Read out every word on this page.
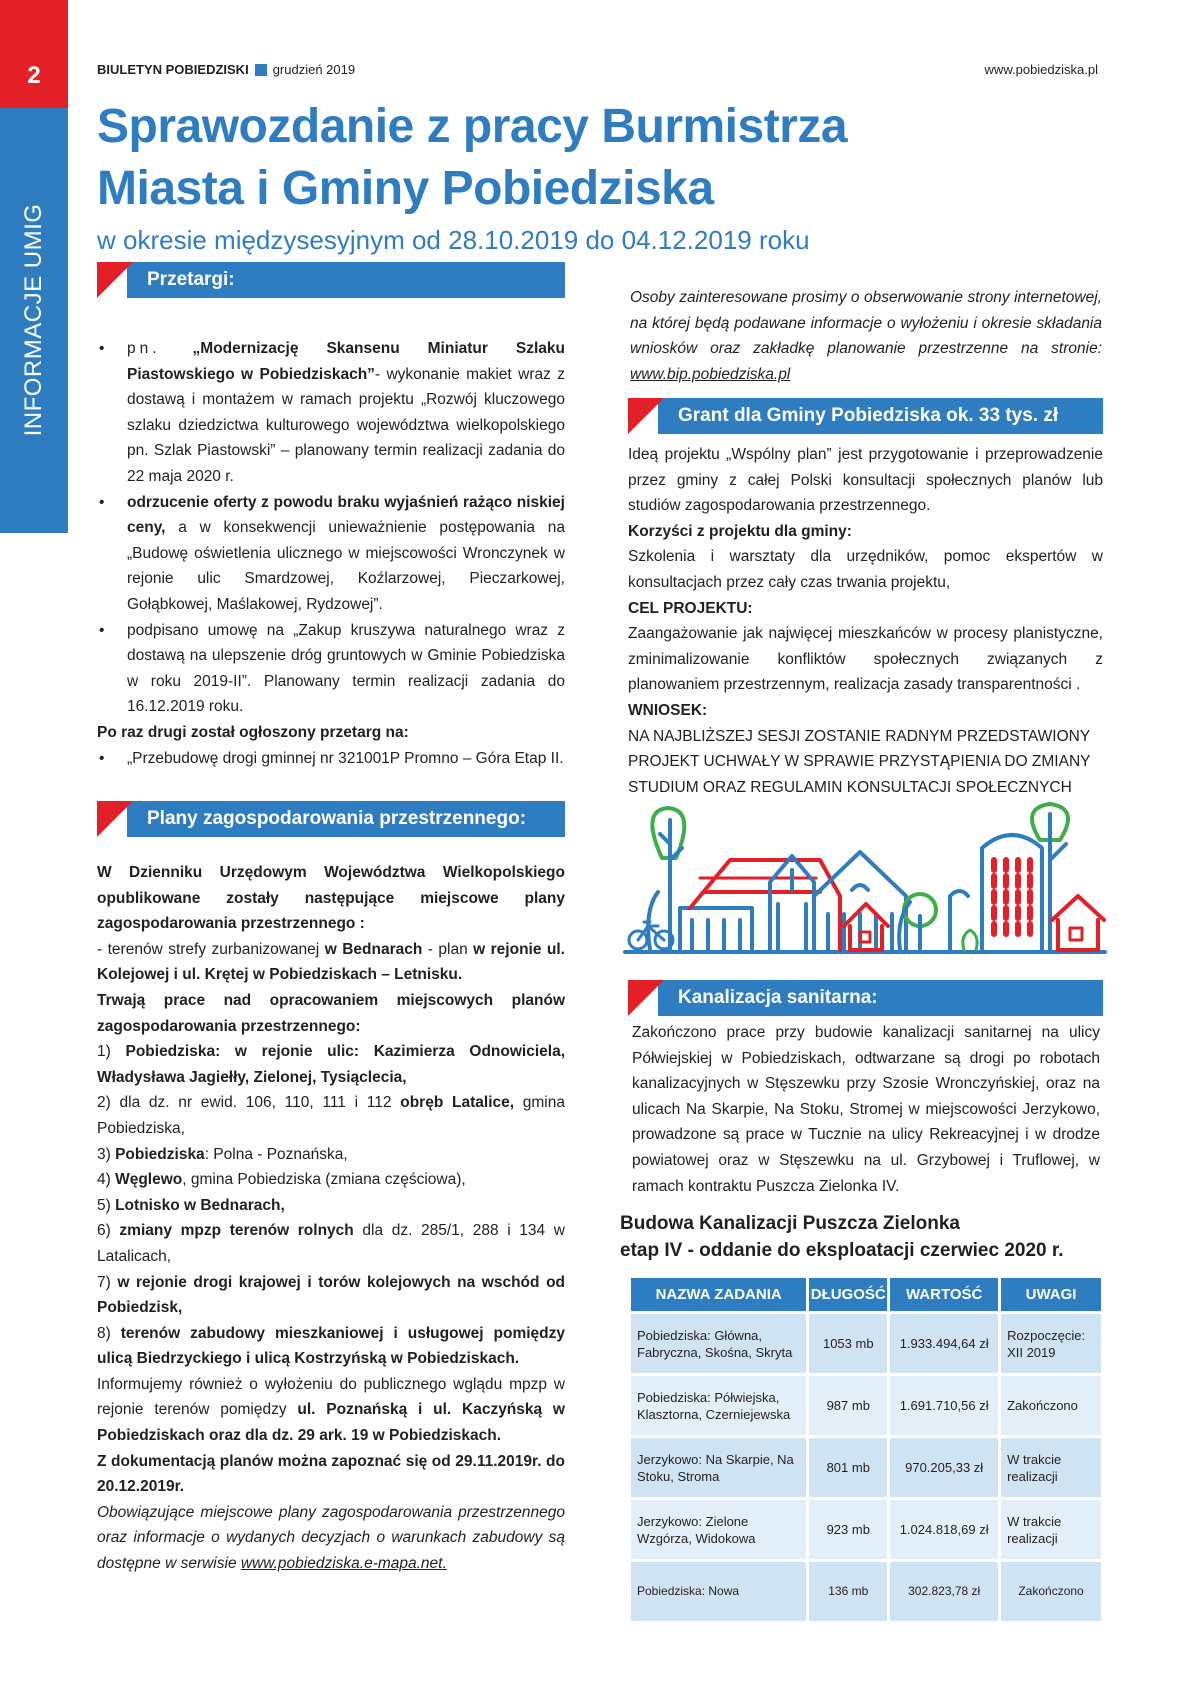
2
INFORMACJE UMIG
BIULETYN POBIEDZISKI grudzień 2019	www.pobiedziska.pl
Sprawozdanie z pracy Burmistrza
Miasta i Gminy Pobiedziska
w okresie międzysesyjnym od 28.10.2019 do 04.12.2019 roku
Przetargi:
• pn. „Modernizację Skansenu Miniatur Szlaku Piastowskiego w Pobiedziskach”- wykonanie makiet wraz z dostawą i montażem w ramach projektu „Rozwój kluczowego szlaku dziedzictwa kulturowego województwa wielkopolskiego pn. Szlak Piastowski” – planowany termin realizacji zadania do 22 maja 2020 r.
• odrzucenie oferty z powodu braku wyjaśnień rażąco niskiej ceny, a w konsekwencji unieważnienie postępowania na „Budowę oświetlenia ulicznego w miejscowości Wronczynek w rejonie ulic Smardzowej, Koźlarzowej, Pieczarkowej, Gołąbkowej, Maślakowej, Rydzowej”.
• podpisano umowę na „Zakup kruszywa naturalnego wraz z dostawą na ulepszenie dróg gruntowych w Gminie Pobiedziska w roku 2019-II”. Planowany termin realizacji zadania do 16.12.2019 roku.
Po raz drugi został ogłoszony przetarg na:
• „Przebudowę drogi gminnej nr 321001P Promno – Góra Etap II.
Plany zagospodarowania przestrzennego:
W Dzienniku Urzędowym Województwa Wielkopolskiego opublikowane zostały następujące miejscowe plany zagospodarowania przestrzennego :
- terenów strefy zurbanizowanej w Bednarach - plan w rejonie ul. Kolejowej i ul. Krętej w Pobiedziskach – Letnisku.
Trwają prace nad opracowaniem miejscowych planów zagospodarowania przestrzennego:
1) Pobiedziska: w rejonie ulic: Kazimierza Odnowiciela, Władysława Jagiełły, Zielonej, Tysiąclecia,
2) dla dz. nr ewid. 106, 110, 111 i 112 obręb Latalice, gmina Pobiedziska,
3) Pobiedziska: Polna - Poznańska,
4) Węglewo, gmina Pobiedziska (zmiana częściowa),
5) Lotnisko w Bednarach,
6) zmiany mpzp terenów rolnych dla dz. 285/1, 288 i 134 w Latalicach,
7) w rejonie drogi krajowej i torów kolejowych na wschód od Pobiedzisk,
8) terenów zabudowy mieszkaniowej i usługowej pomiędzy ulicą Biedrzyckiego i ulicą Kostrzyńską w Pobiedziskach.
Informujemy również o wyłożeniu do publicznego wglądu mpzp w rejonie terenów pomiędzy ul. Poznańską i ul. Kaczyńską w Pobiedziskach oraz dla dz. 29 ark. 19 w Pobiedziskach.
Z dokumentacją planów można zapoznać się od 29.11.2019r. do 20.12.2019r.
Obowiązujące miejscowe plany zagospodarowania przestrzennego oraz informacje o wydanych decyzjach o warunkach zabudowy są dostępne w serwisie www.pobiedziska.e-mapa.net.
Osoby zainteresowane prosimy o obserwowanie strony internetowej, na której będą podawane informacje o wyłożeniu i okresie składania wniosków oraz zakładkę planowanie przestrzenne na stronie: www.bip.pobiedziska.pl
Grant dla Gminy Pobiedziska ok. 33 tys. zł
Ideą projektu „Wspólny plan” jest przygotowanie i przeprowadzenie przez gminy z całej Polski konsultacji społecznych planów lub studiów zagospodarowania przestrzennego.
Korzyści z projektu dla gminy:
Szkolenia i warsztaty dla urzędników, pomoc ekspertów w konsultacjach przez cały czas trwania projektu,
CEL PROJEKTU:
Zaangażowanie jak najwięcej mieszkańców w procesy planistyczne, zminimalizowanie konfliktów społecznych związanych z planowaniem przestrzennym, realizacja zasady transparentności .
WNIOSEK:
NA NAJBLIŻSZEJ SESJI ZOSTANIE RADNYM PRZEDSTAWIONY PROJEKT UCHWAŁY W SPRAWIE PRZYSTĄPIENIA DO ZMIANY STUDIUM ORAZ REGULAMIN KONSULTACJI SPOŁECZNYCH
Kanalizacja sanitarna:
Zakończono prace przy budowie kanalizacji sanitarnej na ulicy Półwiejskiej w Pobiedziskach, odtwarzane są drogi po robotach kanalizacyjnych w Stęszewku przy Szosie Wronczyńskiej, oraz na ulicach Na Skarpie, Na Stoku, Stromej w miejscowości Jerzykowo, prowadzone są prace w Tucznie na ulicy Rekreacyjnej i w drodze powiatowej oraz w Stęszewku na ul. Grzybowej i Truflowej, w ramach kontraktu Puszcza Zielonka IV.
Budowa Kanalizacji Puszcza Zielonka
etap IV - oddanie do eksploatacji czerwiec 2020 r.
NAZWA ZADANIA	DŁUGOŚĆ	WARTOŚĆ	UWAGI
Pobiedziska: Główna, Fabryczna, Skośna, Skryta	1053 mb	1.933.494,64 zł	Rozpoczęcie: XII 2019
Pobiedziska: Półwiejska, Klasztorna, Czerniejewska	987 mb	1.691.710,56 zł	Zakończono
Jerzykowo: Na Skarpie, Na Stoku, Stroma	801 mb	970.205,33 zł	W trakcie realizacji
Jerzykowo: Zielone Wzgórza, Widokowa	923 mb	1.024.818,69 zł	W trakcie realizacji
Pobiedziska: Nowa	136 mb	302.823,78 zł	Zakończono
